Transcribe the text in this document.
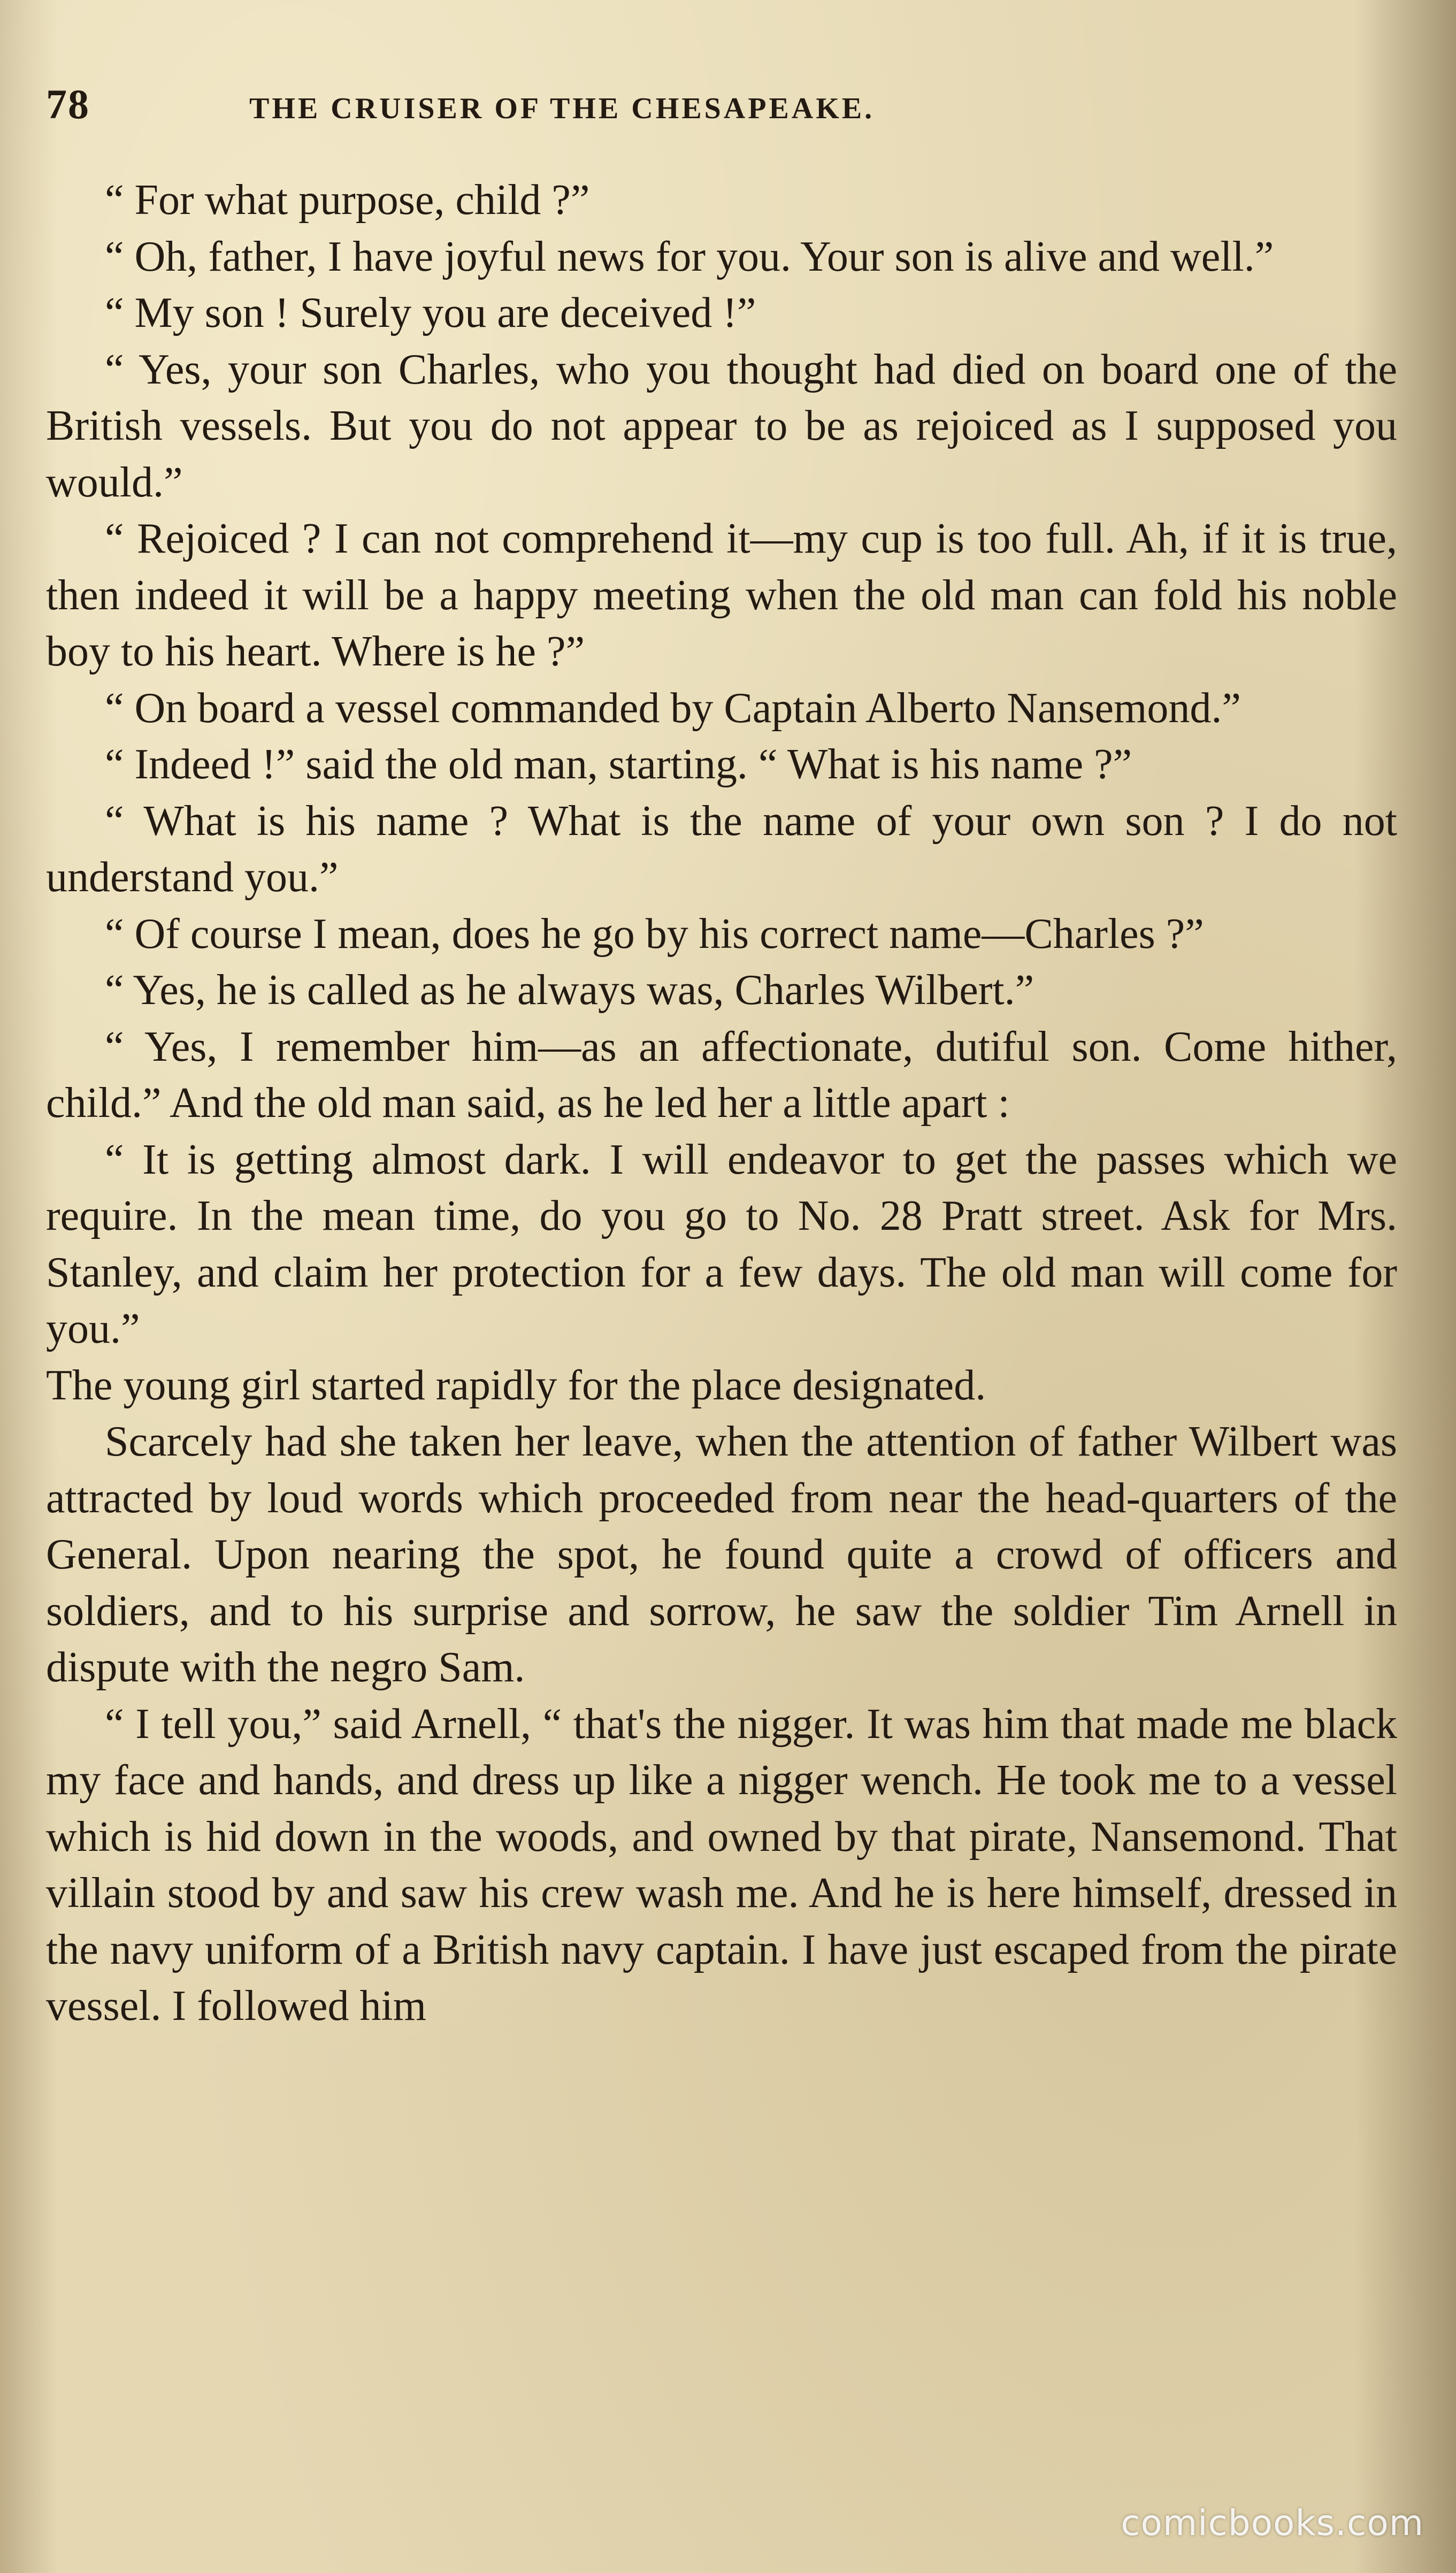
78	THE CRUISER OF THE CHESAPEAKE.

“ For what purpose, child ?”

“ Oh, father, I have joyful news for you. Your son is alive and well.”

“ My son ! Surely you are deceived !”

“ Yes, your son Charles, who you thought had died on board one of the British vessels. But you do not appear to be as rejoiced as I supposed you would.”

“ Rejoiced ? I can not comprehend it—my cup is too full. Ah, if it is true, then indeed it will be a happy meeting when the old man can fold his noble boy to his heart. Where is he ?”

“ On board a vessel commanded by Captain Alberto Nansemond.”

“ Indeed !” said the old man, starting. “ What is his name ?”

“ What is his name ? What is the name of your own son ? I do not understand you.”

“ Of course I mean, does he go by his correct name—Charles ?”

“ Yes, he is called as he always was, Charles Wilbert.”

“ Yes, I remember him—as an affectionate, dutiful son. Come hither, child.” And the old man said, as he led her a little apart :

“ It is getting almost dark. I will endeavor to get the passes which we require. In the mean time, do you go to No. 28 Pratt street. Ask for Mrs. Stanley, and claim her protection for a few days. The old man will come for you.”

The young girl started rapidly for the place designated.

Scarcely had she taken her leave, when the attention of father Wilbert was attracted by loud words which proceeded from near the head-quarters of the General. Upon nearing the spot, he found quite a crowd of officers and soldiers, and to his surprise and sorrow, he saw the soldier Tim Arnell in dispute with the negro Sam.

“ I tell you,” said Arnell, “ that's the nigger. It was him that made me black my face and hands, and dress up like a nigger wench. He took me to a vessel which is hid down in the woods, and owned by that pirate, Nansemond. That villain stood by and saw his crew wash me. And he is here himself, dressed in the navy uniform of a British navy captain. I have just escaped from the pirate vessel. I followed him

comicbooks.com
